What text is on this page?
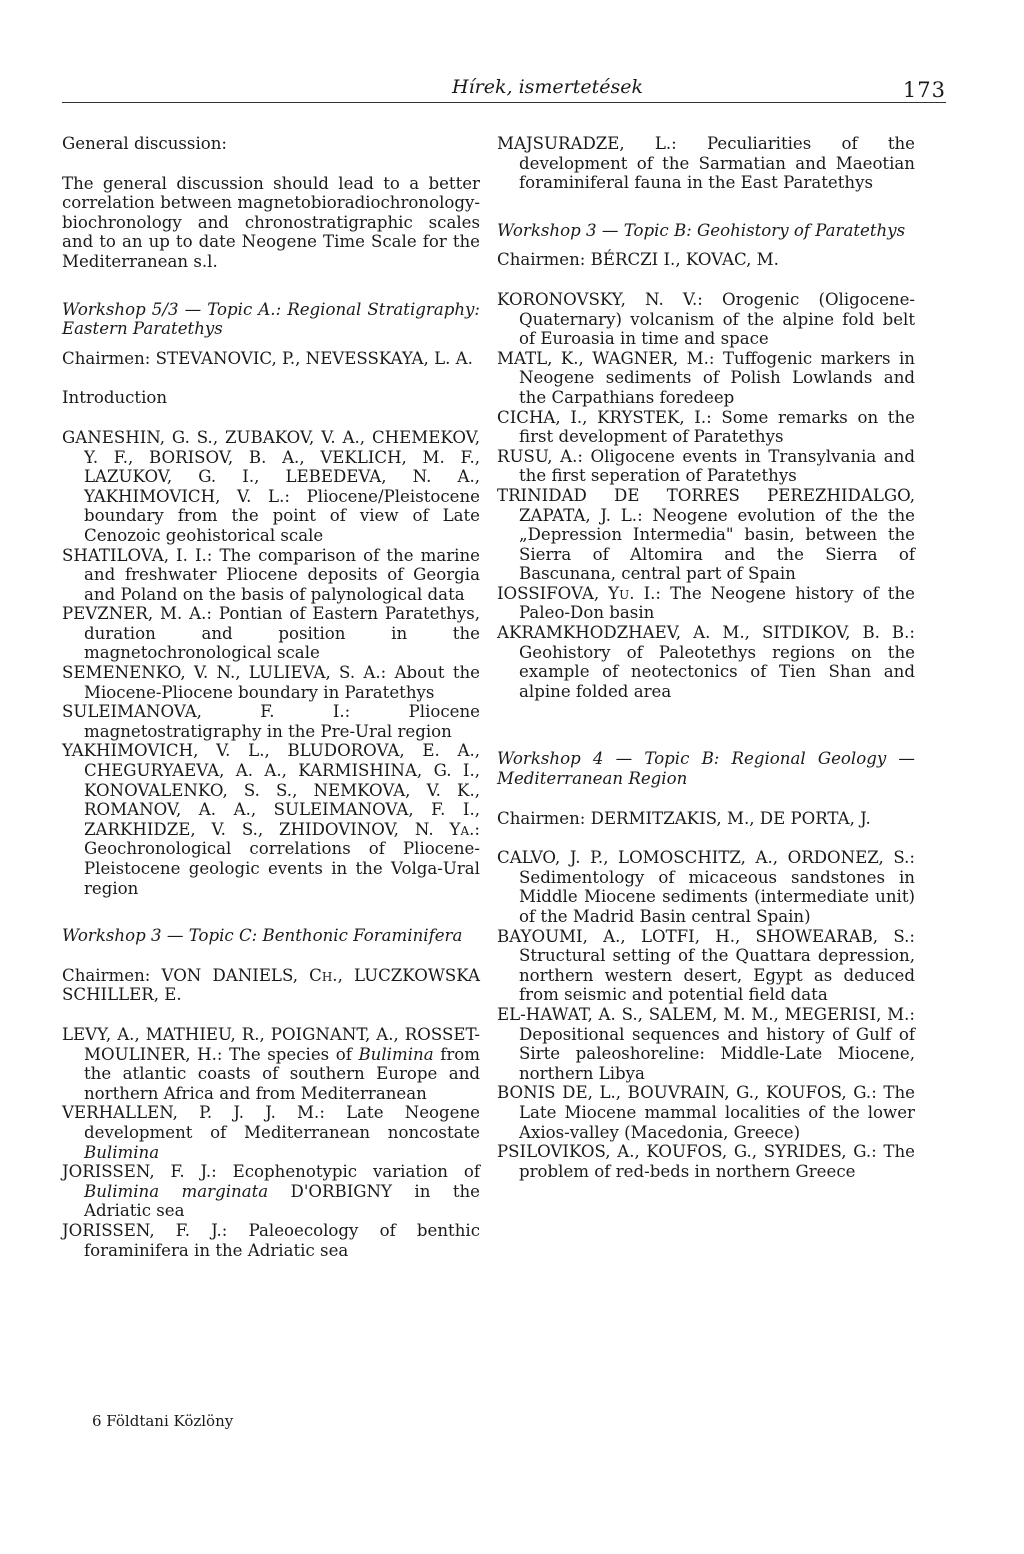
Hírek, ismertetések	173

General discussion:

The general discussion should lead to a better correlation between magnetobioradiochronology-biochronology and chronostratigraphic scales and to an up to date Neogene Time Scale for the Mediterranean s.l.

Workshop 5/3 — Topic A.: Regional Stratigraphy: Eastern Paratethys

Chairmen: STEVANOVIC, P., NEVESSKAYA, L. A.

Introduction

GANESHIN, G. S., ZUBAKOV, V. A., CHEMEKOV, Y. F., BORISOV, B. A., VEKLICH, M. F., LAZUKOV, G. I., LEBEDEVA, N. A., YAKHIMOVICH, V. L.: Pliocene/Pleistocene boundary from the point of view of Late Cenozoic geohistorical scale

SHATILOVA, I. I.: The comparison of the marine and freshwater Pliocene deposits of Georgia and Poland on the basis of palynological data

PEVZNER, M. A.: Pontian of Eastern Paratethys, duration and position in the magnetochronological scale

SEMENENKO, V. N., LULIEVA, S. A.: About the Miocene-Pliocene boundary in Paratethys

SULEIMANOVA, F. I.: Pliocene magnetostratigraphy in the Pre-Ural region

YAKHIMOVICH, V. L., BLUDOROVA, E. A., CHEGURYAEVA, A. A., KARMISHINA, G. I., KONOVALENKO, S. S., NEMKOVA, V. K., ROMANOV, A. A., SULEIMANOVA, F. I., ZARKHIDZE, V. S., ZHIDOVINOV, N. Ya.: Geochronological correlations of Pliocene-Pleistocene geologic events in the Volga-Ural region

Workshop 3 — Topic C: Benthonic Foraminifera

Chairmen: VON DANIELS, Ch., LUCZKOWSKA SCHILLER, E.

LEVY, A., MATHIEU, R., POIGNANT, A., ROSSET-MOULINER, H.: The species of Bulimina from the atlantic coasts of southern Europe and northern Africa and from Mediterranean

VERHALLEN, P. J. J. M.: Late Neogene development of Mediterranean noncostate Bulimina

JORISSEN, F. J.: Ecophenotypic variation of Bulimina marginata D'ORBIGNY in the Adriatic sea

JORISSEN, F. J.: Paleoecology of benthic foraminifera in the Adriatic sea

MAJSURADZE, L.: Peculiarities of the development of the Sarmatian and Maeotian foraminiferal fauna in the East Paratethys

Workshop 3 — Topic B: Geohistory of Paratethys

Chairmen: BÉRCZI I., KOVAC, M.

KORONOVSKY, N. V.: Orogenic (Oligocene-Quaternary) volcanism of the alpine fold belt of Euroasia in time and space

MATL, K., WAGNER, M.: Tuffogenic markers in Neogene sediments of Polish Lowlands and the Carpathians foredeep

CICHA, I., KRYSTEK, I.: Some remarks on the first development of Paratethys

RUSU, A.: Oligocene events in Transylvania and the first seperation of Paratethys

TRINIDAD DE TORRES PEREZHIDALGO, ZAPATA, J. L.: Neogene evolution of the the „Depression Intermedia" basin, between the Sierra of Altomira and the Sierra of Bascunana, central part of Spain

IOSSIFOVA, Yu. I.: The Neogene history of the Paleo-Don basin

AKRAMKHODZHAEV, A. M., SITDIKOV, B. B.: Geohistory of Paleotethys regions on the example of neotectonics of Tien Shan and alpine folded area

Workshop 4 — Topic B: Regional Geology — Mediterranean Region

Chairmen: DERMITZAKIS, M., DE PORTA, J.

CALVO, J. P., LOMOSCHITZ, A., ORDONEZ, S.: Sedimentology of micaceous sandstones in Middle Miocene sediments (intermediate unit) of the Madrid Basin central Spain)

BAYOUMI, A., LOTFI, H., SHOWEARAB, S.: Structural setting of the Quattara depression, northern western desert, Egypt as deduced from seismic and potential field data

EL-HAWAT, A. S., SALEM, M. M., MEGERISI, M.: Depositional sequences and history of Gulf of Sirte paleoshoreline: Middle-Late Miocene, northern Libya

BONIS DE, L., BOUVRAIN, G., KOUFOS, G.: The Late Miocene mammal localities of the lower Axios-valley (Macedonia, Greece)

PSILOVIKOS, A., KOUFOS, G., SYRIDES, G.: The problem of red-beds in northern Greece

6 Földtani Közlöny
